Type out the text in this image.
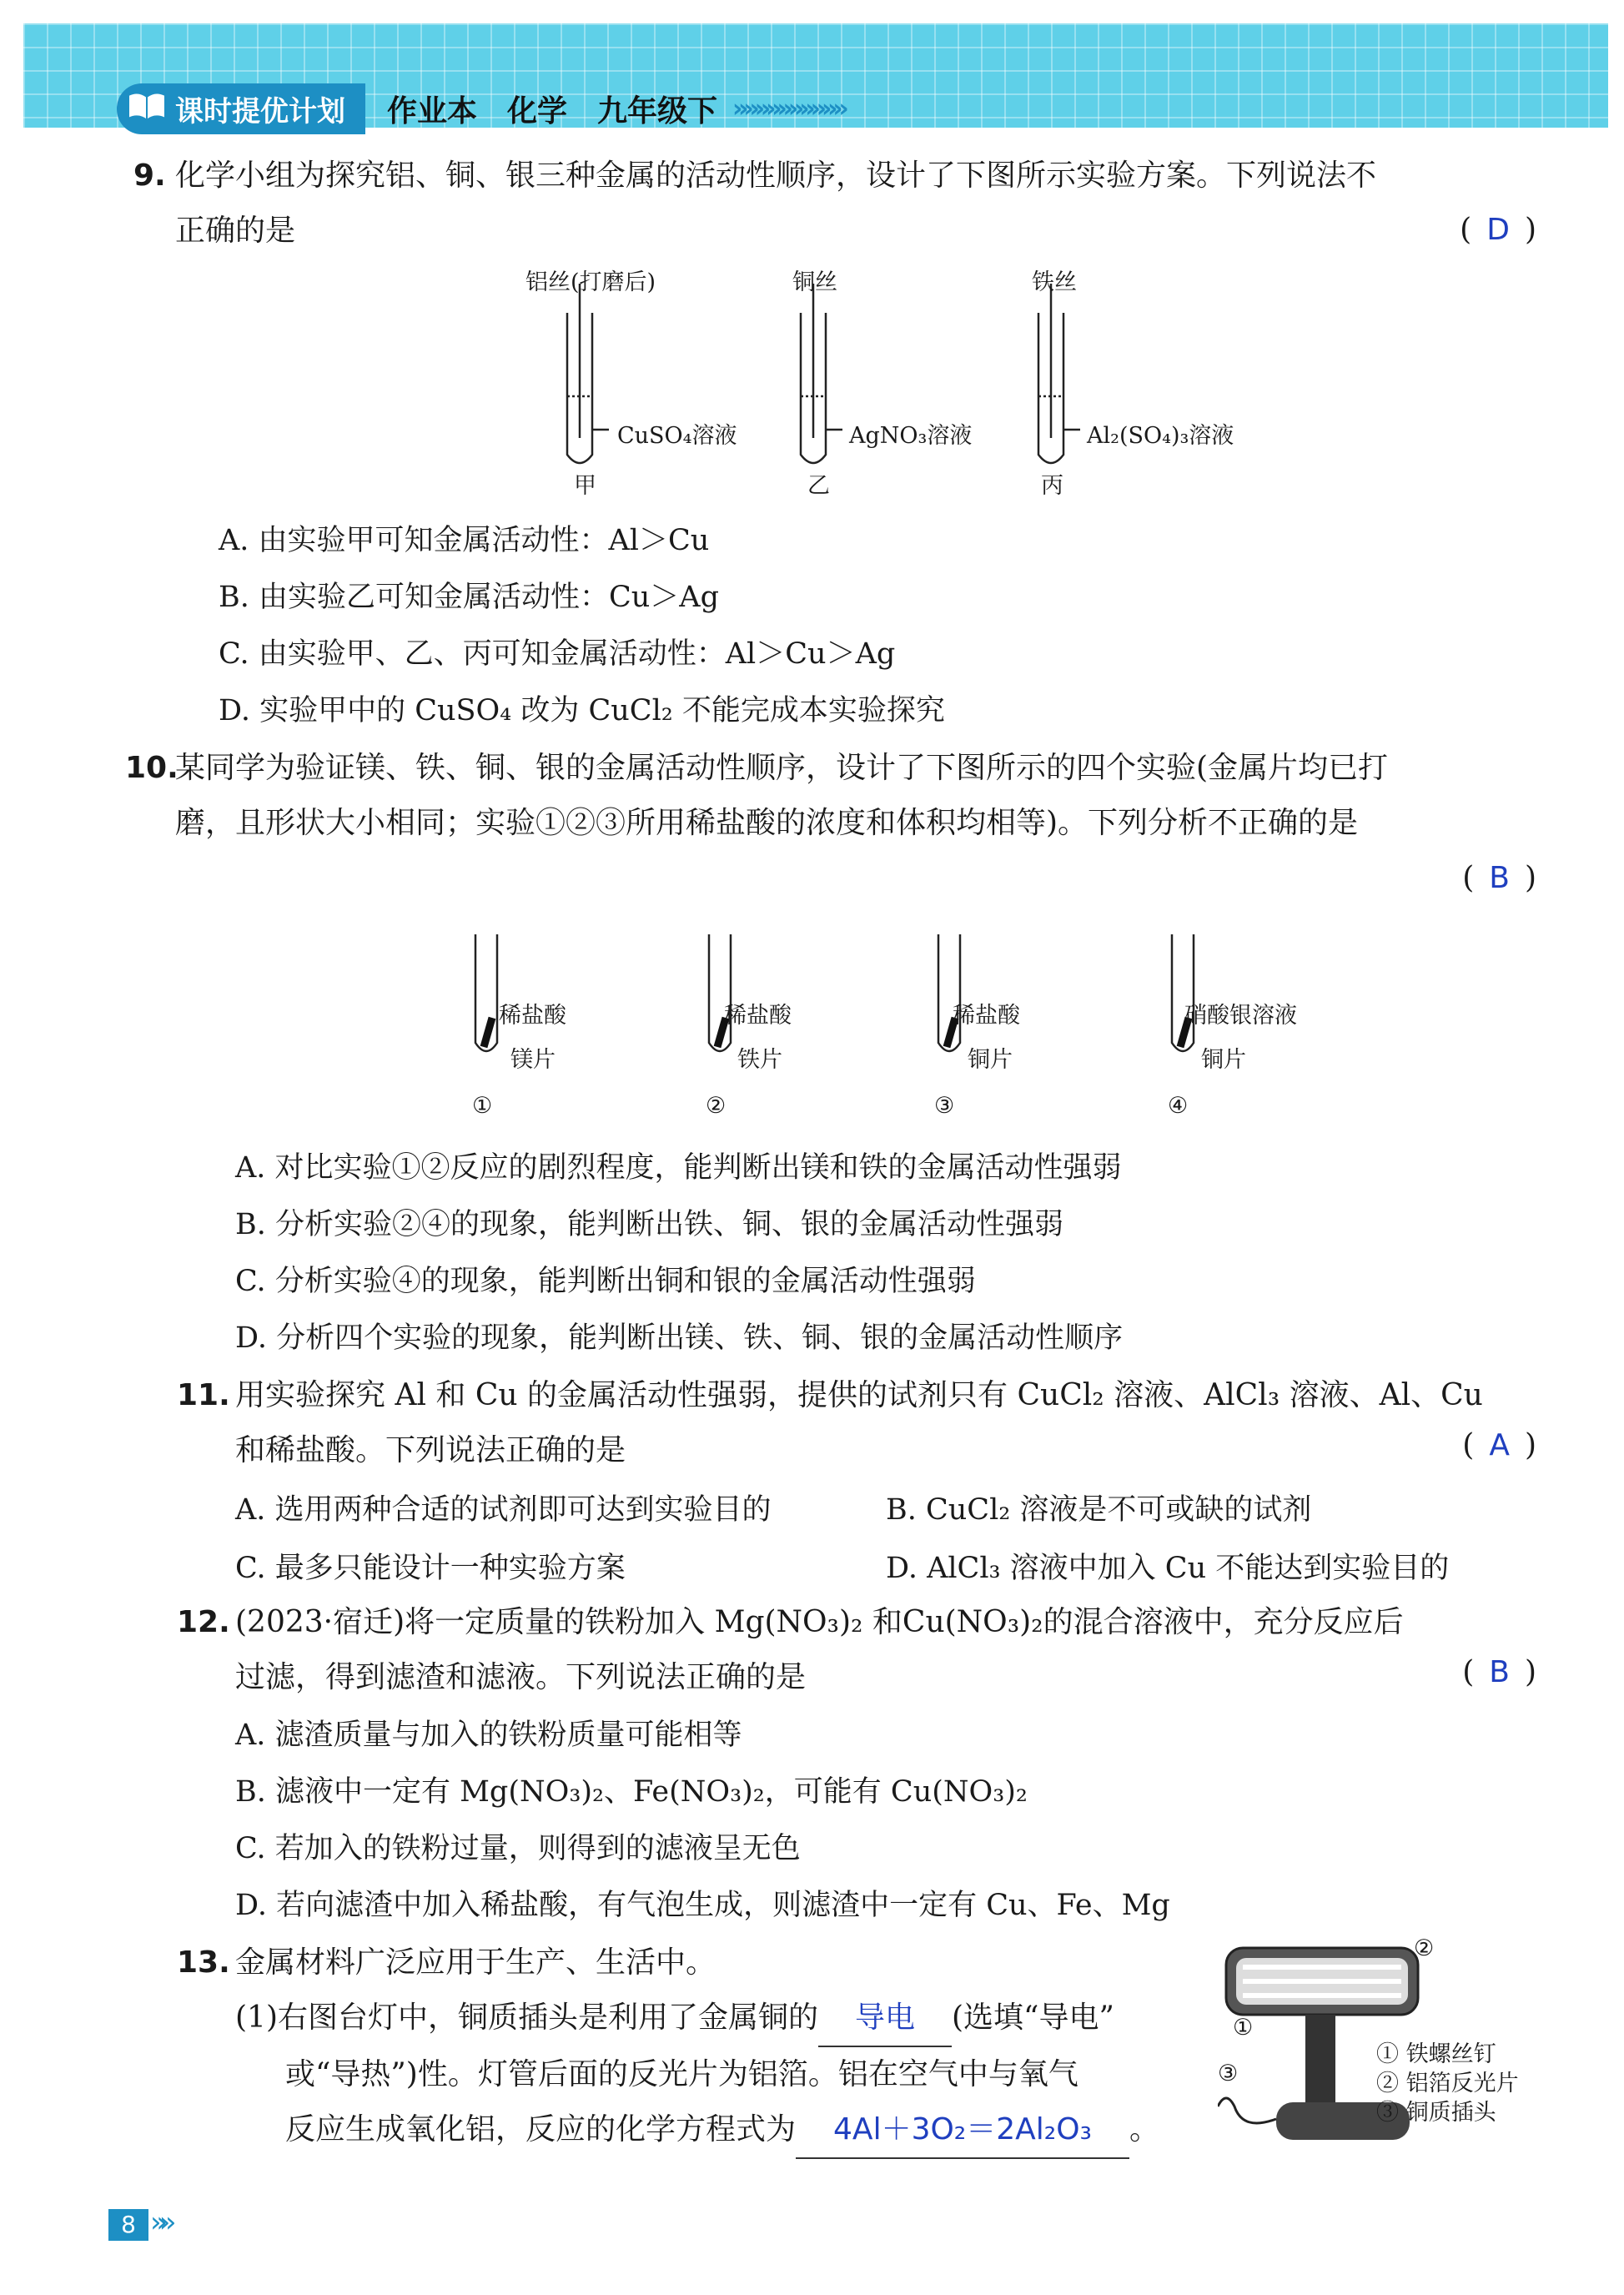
课时提优计划	作业本　化学　九年级下 »»»»»»»»»»
9. 化学小组为探究铝、铜、银三种金属的活动性顺序，设计了下图所示实验方案。下列说法不
正确的是	( D )
铝丝(打磨后)
CuSO₄溶液
甲
铜丝
AgNO₃溶液
乙
铁丝
Al₂(SO₄)₃溶液
丙
A. 由实验甲可知金属活动性：Al＞Cu
B. 由实验乙可知金属活动性：Cu＞Ag
C. 由实验甲、乙、丙可知金属活动性：Al＞Cu＞Ag
D. 实验甲中的 CuSO₄ 改为 CuCl₂ 不能完成本实验探究
10.
某同学为验证镁、铁、铜、银的金属活动性顺序，设计了下图所示的四个实验(金属片均已打
磨，且形状大小相同；实验①②③所用稀盐酸的浓度和体积均相等)。下列分析不正确的是
( B )
稀盐酸
镁片
①
稀盐酸
铁片
②
稀盐酸
铜片
③
硝酸银溶液
铜片
④
A. 对比实验①②反应的剧烈程度，能判断出镁和铁的金属活动性强弱
B. 分析实验②④的现象，能判断出铁、铜、银的金属活动性强弱
C. 分析实验④的现象，能判断出铜和银的金属活动性强弱
D. 分析四个实验的现象，能判断出镁、铁、铜、银的金属活动性顺序
11. 用实验探究 Al 和 Cu 的金属活动性强弱，提供的试剂只有 CuCl₂ 溶液、AlCl₃ 溶液、Al、Cu
和稀盐酸。下列说法正确的是	( A )
A. 选用两种合适的试剂即可达到实验目的	B. CuCl₂ 溶液是不可或缺的试剂
C. 最多只能设计一种实验方案	D. AlCl₃ 溶液中加入 Cu 不能达到实验目的
12. (2023·宿迁)将一定质量的铁粉加入 Mg(NO₃)₂ 和Cu(NO₃)₂的混合溶液中，充分反应后
过滤，得到滤渣和滤液。下列说法正确的是	( B )
A. 滤渣质量与加入的铁粉质量可能相等
B. 滤液中一定有 Mg(NO₃)₂、Fe(NO₃)₂，可能有 Cu(NO₃)₂
C. 若加入的铁粉过量，则得到的滤液呈无色
D. 若向滤渣中加入稀盐酸，有气泡生成，则滤渣中一定有 Cu、Fe、Mg
13. 金属材料广泛应用于生产、生活中。
(1)右图台灯中，铜质插头是利用了金属铜的 导电 (选填“导电”
或“导热”)性。灯管后面的反光片为铝箔。铝在空气中与氧气
反应生成氧化铝，反应的化学方程式为 4Al＋3O₂＝2Al₂O₃ 。
②
①
③
① 铁螺丝钉
② 铝箔反光片
③ 铜质插头
8 »»
